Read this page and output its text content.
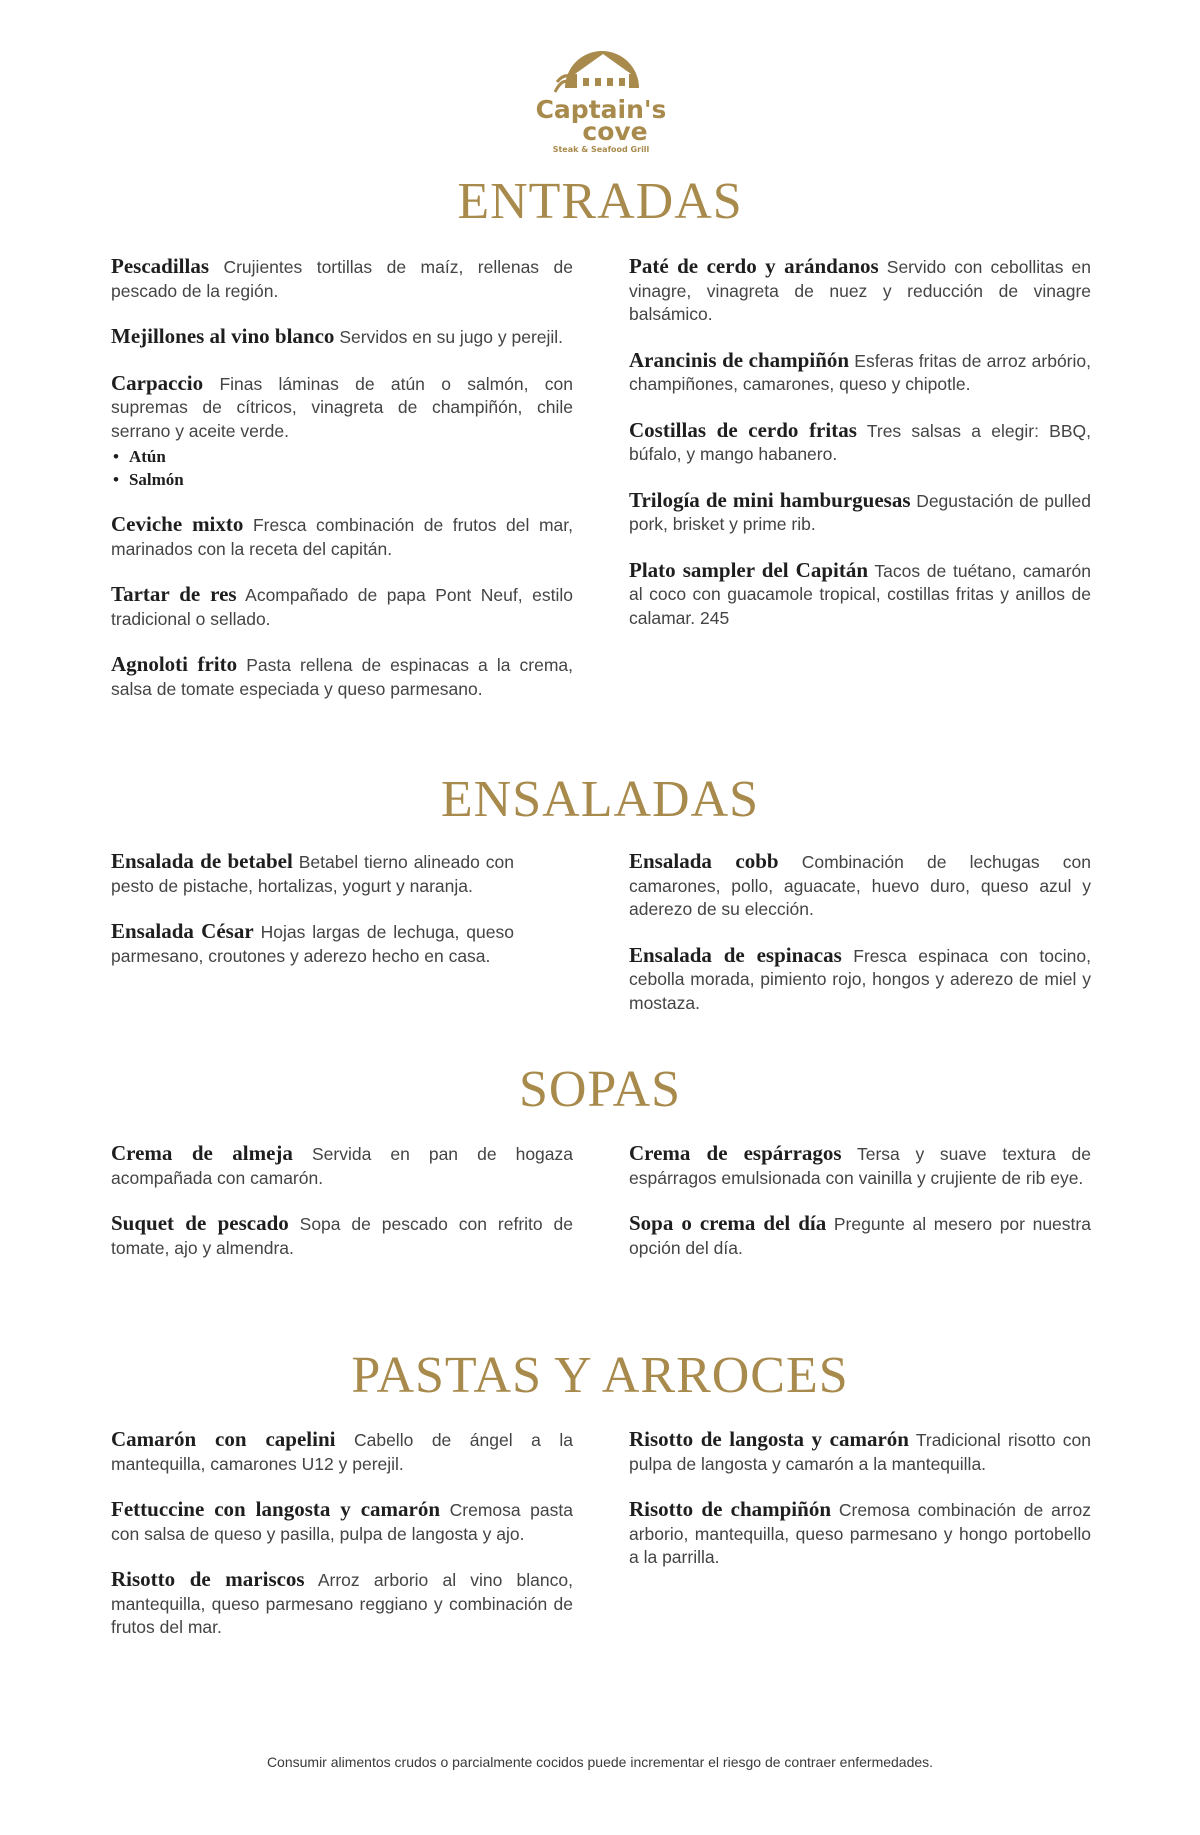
Captain's
cove
Steak & Seafood Grill
ENTRADAS

Pescadillas Crujientes tortillas de maíz, rellenas de pescado de la región.

Mejillones al vino blanco Servidos en su jugo y perejil.

Carpaccio Finas láminas de atún o salmón, con supremas de cítricos, vinagreta de champiñón, chile serrano y aceite verde.
• Atún
• Salmón

Ceviche mixto Fresca combinación de frutos del mar, marinados con la receta del capitán.

Tartar de res Acompañado de papa Pont Neuf, estilo tradicional o sellado.

Agnoloti frito Pasta rellena de espinacas a la crema, salsa de tomate especiada y queso parmesano.

Paté de cerdo y arándanos Servido con cebollitas en vinagre, vinagreta de nuez y reducción de vinagre balsámico.

Arancinis de champiñón Esferas fritas de arroz arbório, champiñones, camarones, queso y chipotle.

Costillas de cerdo fritas Tres salsas a elegir: BBQ, búfalo, y mango habanero.

Trilogía de mini hamburguesas Degustación de pulled pork, brisket y prime rib.

Plato sampler del Capitán Tacos de tuétano, camarón al coco con guacamole tropical, costillas fritas y anillos de calamar. 245

ENSALADAS

Ensalada de betabel Betabel tierno alineado con pesto de pistache, hortalizas, yogurt y naranja.

Ensalada César Hojas largas de lechuga, queso parmesano, croutones y aderezo hecho en casa.

Ensalada cobb Combinación de lechugas con camarones, pollo, aguacate, huevo duro, queso azul y aderezo de su elección.

Ensalada de espinacas Fresca espinaca con tocino, cebolla morada, pimiento rojo, hongos y aderezo de miel y mostaza.

SOPAS

Crema de almeja Servida en pan de hogaza acompañada con camarón.

Suquet de pescado Sopa de pescado con refrito de tomate, ajo y almendra.

Crema de espárragos Tersa y suave textura de espárragos emulsionada con vainilla y crujiente de rib eye.

Sopa o crema del día Pregunte al mesero por nuestra opción del día.

PASTAS Y ARROCES

Camarón con capelini Cabello de ángel a la mantequilla, camarones U12 y perejil.

Fettuccine con langosta y camarón Cremosa pasta con salsa de queso y pasilla, pulpa de langosta y ajo.

Risotto de mariscos Arroz arborio al vino blanco, mantequilla, queso parmesano reggiano y combinación de frutos del mar.

Risotto de langosta y camarón Tradicional risotto con pulpa de langosta y camarón a la mantequilla.

Risotto de champiñón Cremosa combinación de arroz arborio, mantequilla, queso parmesano y hongo portobello a la parrilla.

Consumir alimentos crudos o parcialmente cocidos puede incrementar el riesgo de contraer enfermedades.
